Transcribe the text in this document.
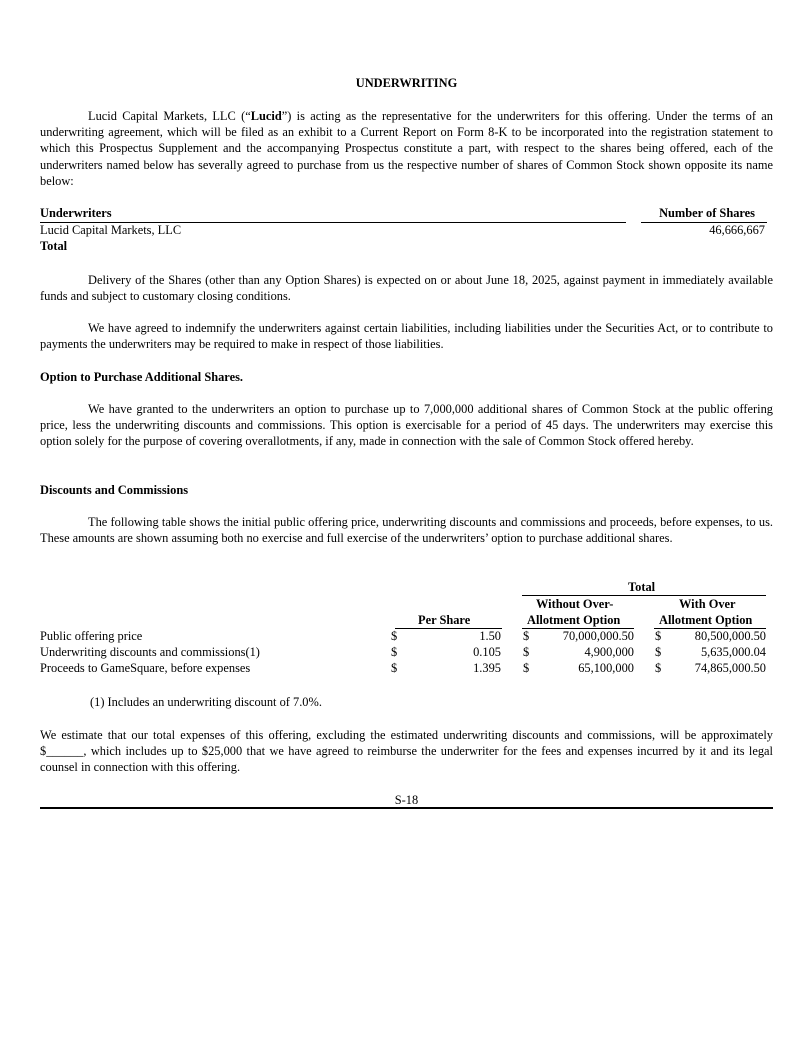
UNDERWRITING

Lucid Capital Markets, LLC (“Lucid”) is acting as the representative for the underwriters for this offering. Under the terms of an underwriting agreement, which will be filed as an exhibit to a Current Report on Form 8-K to be incorporated into the registration statement to which this Prospectus Supplement and the accompanying Prospectus constitute a part, with respect to the shares being offered, each of the underwriters named below has severally agreed to purchase from us the respective number of shares of Common Stock shown opposite its name below:

Underwriters	Number of Shares
Lucid Capital Markets, LLC	46,666,667
Total

Delivery of the Shares (other than any Option Shares) is expected on or about June 18, 2025, against payment in immediately available funds and subject to customary closing conditions.

We have agreed to indemnify the underwriters against certain liabilities, including liabilities under the Securities Act, or to contribute to payments the underwriters may be required to make in respect of those liabilities.

Option to Purchase Additional Shares.

We have granted to the underwriters an option to purchase up to 7,000,000 additional shares of Common Stock at the public offering price, less the underwriting discounts and commissions. This option is exercisable for a period of 45 days. The underwriters may exercise this option solely for the purpose of covering overallotments, if any, made in connection with the sale of Common Stock offered hereby.

Discounts and Commissions

The following table shows the initial public offering price, underwriting discounts and commissions and proceeds, before expenses, to us. These amounts are shown assuming both no exercise and full exercise of the underwriters’ option to purchase additional shares.

Total
Without Over-	With Over
Per Share	Allotment Option	Allotment Option
Public offering price	$	1.50 $	70,000,000.50 $	80,500,000.50
Underwriting discounts and commissions(1)	$	0.105 $	4,900,000 $	5,635,000.04
Proceeds to GameSquare, before expenses	$	1.395 $	65,100,000 $	74,865,000.50
(1) Includes an underwriting discount of 7.0%.

We estimate that our total expenses of this offering, excluding the estimated underwriting discounts and commissions, will be approximately $______, which includes up to $25,000 that we have agreed to reimburse the underwriter for the fees and expenses incurred by it and its legal counsel in connection with this offering.

S-18
